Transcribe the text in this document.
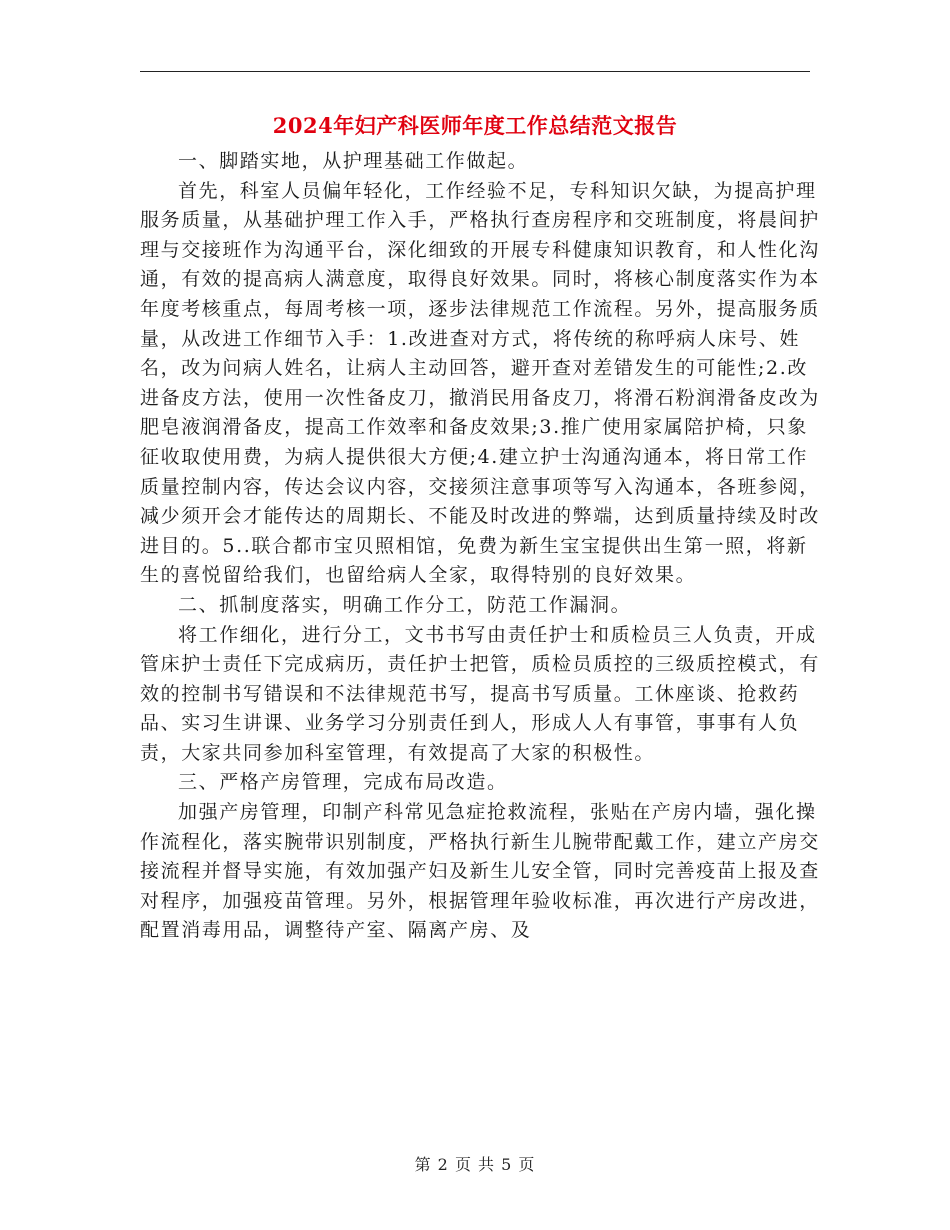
2024年妇产科医师年度工作总结范文报告

一、脚踏实地，从护理基础工作做起。

首先，科室人员偏年轻化，工作经验不足，专科知识欠缺，为提高护理服务质量，从基础护理工作入手，严格执行查房程序和交班制度，将晨间护理与交接班作为沟通平台，深化细致的开展专科健康知识教育，和人性化沟通，有效的提高病人满意度，取得良好效果。同时，将核心制度落实作为本年度考核重点，每周考核一项，逐步法律规范工作流程。另外，提高服务质量，从改进工作细节入手：1.改进查对方式，将传统的称呼病人床号、姓名，改为问病人姓名，让病人主动回答，避开查对差错发生的可能性;2.改进备皮方法，使用一次性备皮刀，撤消民用备皮刀，将滑石粉润滑备皮改为肥皂液润滑备皮，提高工作效率和备皮效果;3.推广使用家属陪护椅，只象征收取使用费，为病人提供很大方便;4.建立护士沟通沟通本，将日常工作质量控制内容，传达会议内容，交接须注意事项等写入沟通本，各班参阅，减少须开会才能传达的周期长、不能及时改进的弊端，达到质量持续及时改进目的。5..联合都市宝贝照相馆，免费为新生宝宝提供出生第一照，将新生的喜悦留给我们，也留给病人全家，取得特别的良好效果。

二、抓制度落实，明确工作分工，防范工作漏洞。

将工作细化，进行分工，文书书写由责任护士和质检员三人负责，开成管床护士责任下完成病历，责任护士把管，质检员质控的三级质控模式，有效的控制书写错误和不法律规范书写，提高书写质量。工休座谈、抢救药品、实习生讲课、业务学习分别责任到人，形成人人有事管，事事有人负责，大家共同参加科室管理，有效提高了大家的积极性。

三、严格产房管理，完成布局改造。

加强产房管理，印制产科常见急症抢救流程，张贴在产房内墙，强化操作流程化，落实腕带识别制度，严格执行新生儿腕带配戴工作，建立产房交接流程并督导实施，有效加强产妇及新生儿安全管，同时完善疫苗上报及查对程序，加强疫苗管理。另外，根据管理年验收标准，再次进行产房改进，配置消毒用品，调整待产室、隔离产房、及

第 2 页 共 5 页
